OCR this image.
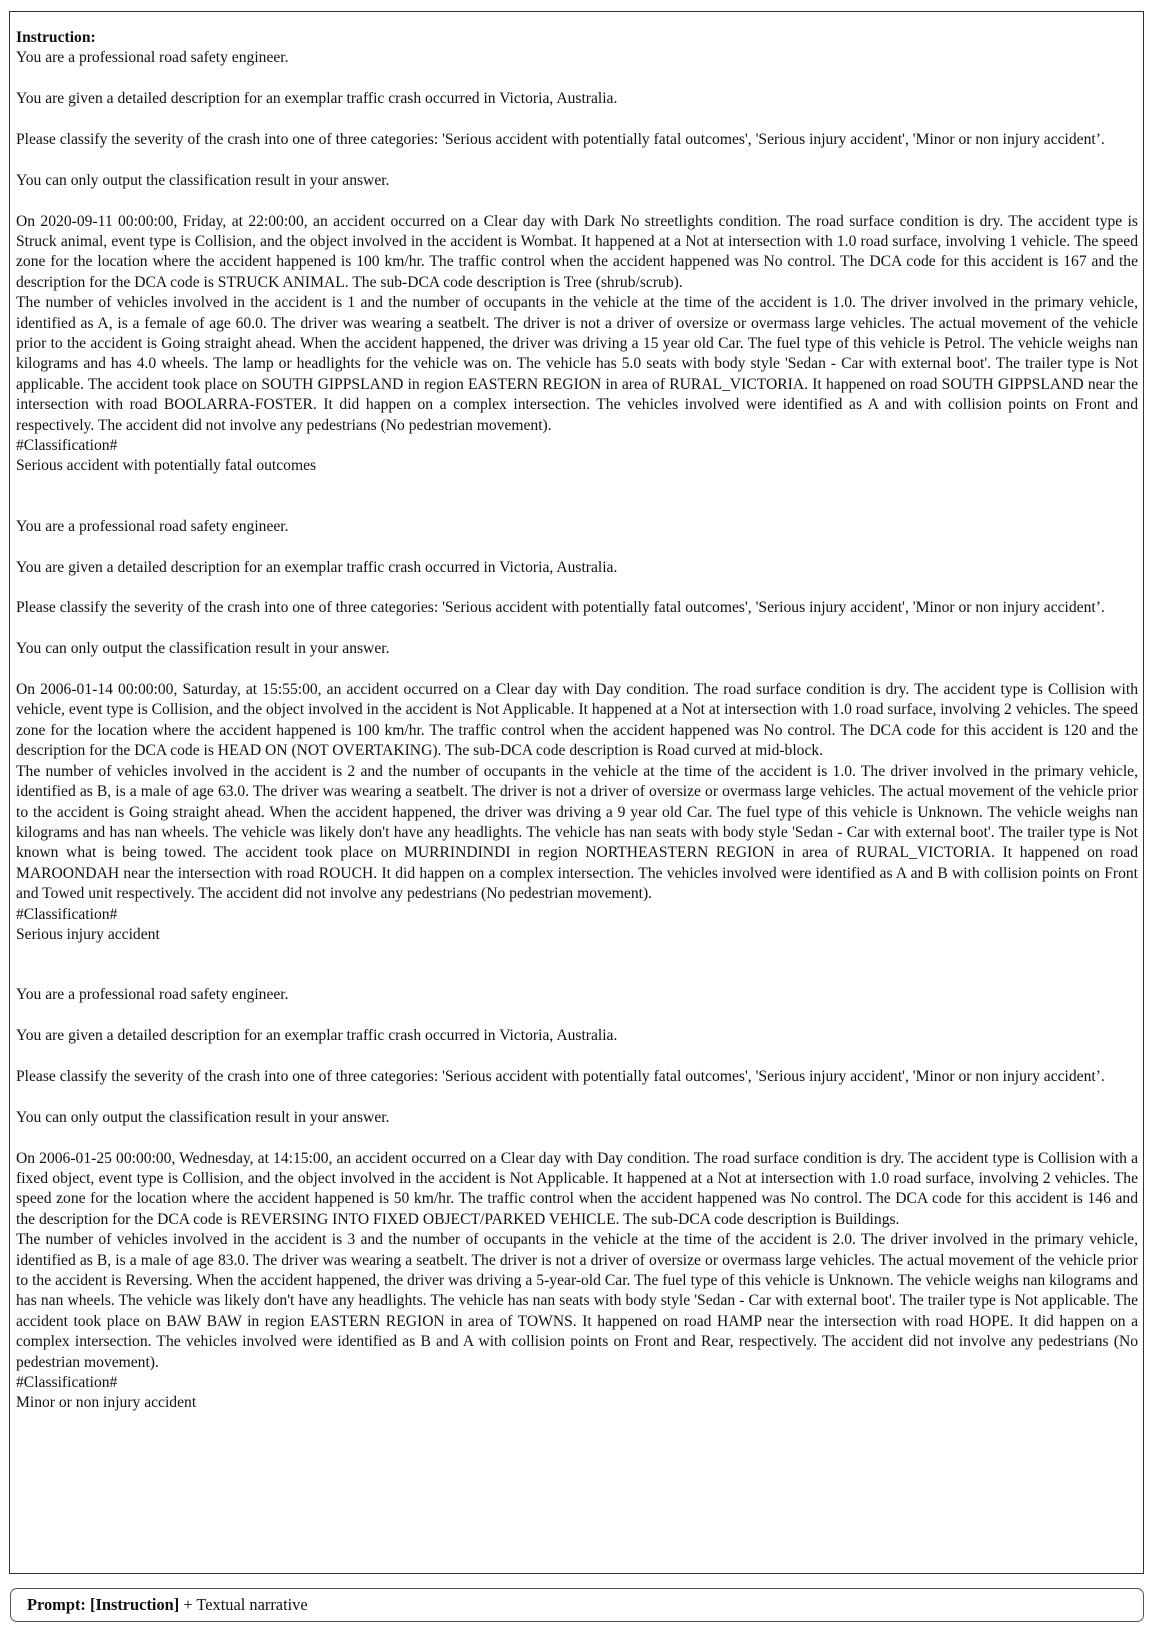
Instruction:

You are a professional road safety engineer.

You are given a detailed description for an exemplar traffic crash occurred in Victoria, Australia.

Please classify the severity of the crash into one of three categories: 'Serious accident with potentially fatal outcomes', 'Serious injury accident', 'Minor or non injury accident’.

You can only output the classification result in your answer.

On 2020-09-11 00:00:00, Friday, at 22:00:00, an accident occurred on a Clear day with Dark No streetlights condition. The road surface condition is dry. The accident type is Struck animal, event type is Collision, and the object involved in the accident is Wombat. It happened at a Not at intersection with 1.0 road surface, involving 1 vehicle. The speed zone for the location where the accident happened is 100 km/hr. The traffic control when the accident happened was No control. The DCA code for this accident is 167 and the description for the DCA code is STRUCK ANIMAL. The sub-DCA code description is Tree (shrub/scrub).

The number of vehicles involved in the accident is 1 and the number of occupants in the vehicle at the time of the accident is 1.0. The driver involved in the primary vehicle, identified as A, is a female of age 60.0. The driver was wearing a seatbelt. The driver is not a driver of oversize or overmass large vehicles. The actual movement of the vehicle prior to the accident is Going straight ahead. When the accident happened, the driver was driving a 15 year old Car. The fuel type of this vehicle is Petrol. The vehicle weighs nan kilograms and has 4.0 wheels. The lamp or headlights for the vehicle was on. The vehicle has 5.0 seats with body style 'Sedan - Car with external boot'. The trailer type is Not applicable. The accident took place on SOUTH GIPPSLAND in region EASTERN REGION in area of RURAL_VICTORIA. It happened on road SOUTH GIPPSLAND near the intersection with road BOOLARRA-FOSTER. It did happen on a complex intersection. The vehicles involved were identified as A and with collision points on Front and respectively. The accident did not involve any pedestrians (No pedestrian movement).

#Classification#

Serious accident with potentially fatal outcomes

You are a professional road safety engineer.

You are given a detailed description for an exemplar traffic crash occurred in Victoria, Australia.

Please classify the severity of the crash into one of three categories: 'Serious accident with potentially fatal outcomes', 'Serious injury accident', 'Minor or non injury accident’.

You can only output the classification result in your answer.

On 2006-01-14 00:00:00, Saturday, at 15:55:00, an accident occurred on a Clear day with Day condition. The road surface condition is dry. The accident type is Collision with vehicle, event type is Collision, and the object involved in the accident is Not Applicable. It happened at a Not at intersection with 1.0 road surface, involving 2 vehicles. The speed zone for the location where the accident happened is 100 km/hr. The traffic control when the accident happened was No control. The DCA code for this accident is 120 and the description for the DCA code is HEAD ON (NOT OVERTAKING). The sub-DCA code description is Road curved at mid-block.

The number of vehicles involved in the accident is 2 and the number of occupants in the vehicle at the time of the accident is 1.0. The driver involved in the primary vehicle, identified as B, is a male of age 63.0. The driver was wearing a seatbelt. The driver is not a driver of oversize or overmass large vehicles. The actual movement of the vehicle prior to the accident is Going straight ahead. When the accident happened, the driver was driving a 9 year old Car. The fuel type of this vehicle is Unknown. The vehicle weighs nan kilograms and has nan wheels. The vehicle was likely don't have any headlights. The vehicle has nan seats with body style 'Sedan - Car with external boot'. The trailer type is Not known what is being towed. The accident took place on MURRINDINDI in region NORTHEASTERN REGION in area of RURAL_VICTORIA. It happened on road MAROONDAH near the intersection with road ROUCH. It did happen on a complex intersection. The vehicles involved were identified as A and B with collision points on Front and Towed unit respectively. The accident did not involve any pedestrians (No pedestrian movement).

#Classification#

Serious injury accident

You are a professional road safety engineer.

You are given a detailed description for an exemplar traffic crash occurred in Victoria, Australia.

Please classify the severity of the crash into one of three categories: 'Serious accident with potentially fatal outcomes', 'Serious injury accident', 'Minor or non injury accident’.

You can only output the classification result in your answer.

On 2006-01-25 00:00:00, Wednesday, at 14:15:00, an accident occurred on a Clear day with Day condition. The road surface condition is dry. The accident type is Collision with a fixed object, event type is Collision, and the object involved in the accident is Not Applicable. It happened at a Not at intersection with 1.0 road surface, involving 2 vehicles. The speed zone for the location where the accident happened is 50 km/hr. The traffic control when the accident happened was No control. The DCA code for this accident is 146 and the description for the DCA code is REVERSING INTO FIXED OBJECT/PARKED VEHICLE. The sub-DCA code description is Buildings.

The number of vehicles involved in the accident is 3 and the number of occupants in the vehicle at the time of the accident is 2.0. The driver involved in the primary vehicle, identified as B, is a male of age 83.0. The driver was wearing a seatbelt. The driver is not a driver of oversize or overmass large vehicles. The actual movement of the vehicle prior to the accident is Reversing. When the accident happened, the driver was driving a 5-year-old Car. The fuel type of this vehicle is Unknown. The vehicle weighs nan kilograms and has nan wheels. The vehicle was likely don't have any headlights. The vehicle has nan seats with body style 'Sedan - Car with external boot'. The trailer type is Not applicable. The accident took place on BAW BAW in region EASTERN REGION in area of TOWNS. It happened on road HAMP near the intersection with road HOPE. It did happen on a complex intersection. The vehicles involved were identified as B and A with collision points on Front and Rear, respectively. The accident did not involve any pedestrians (No pedestrian movement).

#Classification#

Minor or non injury accident

Prompt: [Instruction] + Textual narrative
